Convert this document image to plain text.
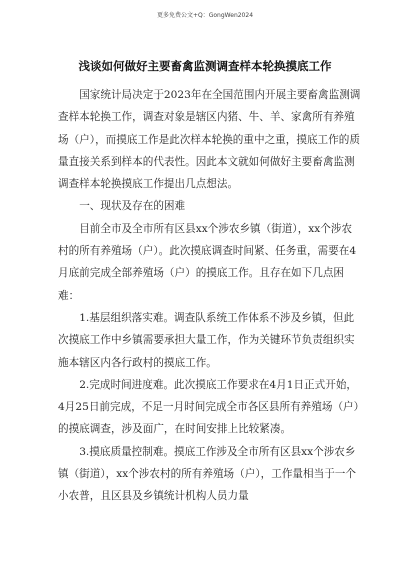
更多免费公文+Q：GongWen2024
浅谈如何做好主要畜禽监测调查样本轮换摸底工作

国家统计局决定于2023年在全国范围内开展主要畜禽监测调查样本轮换工作，调查对象是辖区内猪、牛、羊、家禽所有养殖场（户），而摸底工作是此次样本轮换的重中之重，摸底工作的质量直接关系到样本的代表性。因此本文就如何做好主要畜禽监测调查样本轮换摸底工作提出几点想法。

一、现状及存在的困难

目前全市及全市所有区县xx个涉农乡镇（街道），xx个涉农村的所有养殖场（户）。此次摸底调查时间紧、任务重，需要在4月底前完成全部养殖场（户）的摸底工作。且存在如下几点困难：

1.基层组织落实难。调查队系统工作体系不涉及乡镇，但此次摸底工作中乡镇需要承担大量工作，作为关键环节负责组织实施本辖区内各行政村的摸底工作。

2.完成时间进度难。此次摸底工作要求在4月1日正式开始，4月25日前完成，不足一月时间完成全市各区县所有养殖场（户）的摸底调查，涉及面广，在时间安排上比较紧凑。

3.摸底质量控制难。摸底工作涉及全市所有区县xx个涉农乡镇（街道），xx个涉农村的所有养殖场（户），工作量相当于一个小农普，且区县及乡镇统计机构人员力量
